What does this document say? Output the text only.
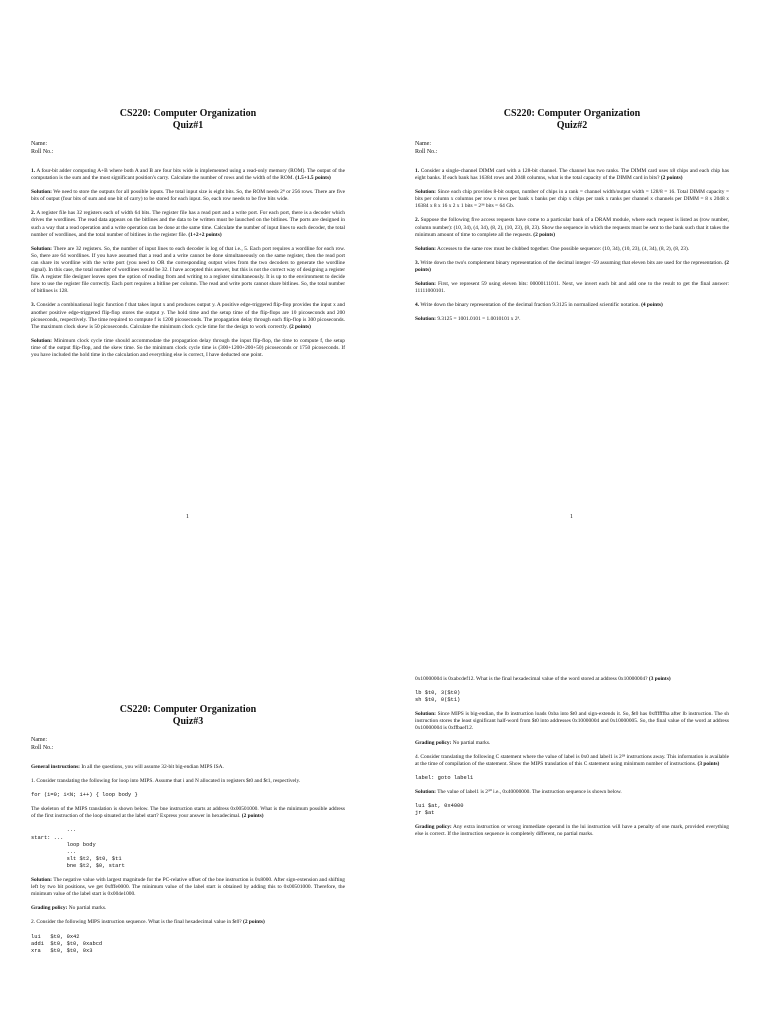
CS220: Computer Organization
Quiz#1
Name:
Roll No.:

1. A four-bit adder computing A+B where both A and B are four bits wide is implemented using a read-only memory (ROM). The output of the computation is the sum and the most significant position's carry. Calculate the number of rows and the width of the ROM. (1.5+1.5 points)

Solution: We need to store the outputs for all possible inputs. The total input size is eight bits. So, the ROM needs 2⁸ or 256 rows. There are five bits of output (four bits of sum and one bit of carry) to be stored for each input. So, each row needs to be five bits wide.

2. A register file has 32 registers each of width 64 bits. The register file has a read port and a write port. For each port, there is a decoder which drives the wordlines. The read data appears on the bitlines and the data to be written must be launched on the bitlines. The ports are designed in such a way that a read operation and a write operation can be done at the same time. Calculate the number of input lines to each decoder, the total number of wordlines, and the total number of bitlines in the register file. (1+2+2 points)

Solution: There are 32 registers. So, the number of input lines to each decoder is log of that i.e., 5. Each port requires a wordline for each row. So, there are 64 wordlines. If you have assumed that a read and a write cannot be done simultaneously on the same register, then the read port can share its wordline with the write port (you need to OR the corresponding output wires from the two decoders to generate the wordline signal). In this case, the total number of wordlines would be 32. I have accepted this answer, but this is not the correct way of designing a register file. A register file designer leaves open the option of reading from and writing to a register simultaneously. It is up to the environment to decide how to use the register file correctly. Each port requires a bitline per column. The read and write ports cannot share bitlines. So, the total number of bitlines is 128.

3. Consider a combinational logic function f that takes input x and produces output y. A positive edge-triggered flip-flop provides the input x and another positive edge-triggered flip-flop stores the output y. The hold time and the setup time of the flip-flops are 10 picoseconds and 200 picoseconds, respectively. The time required to compute f is 1200 picoseconds. The propagation delay through each flip-flop is 300 picoseconds. The maximum clock skew is 50 picoseconds. Calculate the minimum clock cycle time for the design to work correctly. (2 points)

Solution: Minimum clock cycle time should accommodate the propagation delay through the input flip-flop, the time to compute f, the setup time of the output flip-flop, and the skew time. So the minimum clock cycle time is (300+1200+200+50) picoseconds or 1750 picoseconds. If you have included the hold time in the calculation and everything else is correct, I have deducted one point.

1
CS220: Computer Organization
Quiz#2
Name:
Roll No.:

1. Consider a single-channel DIMM card with a 128-bit channel. The channel has two ranks. The DIMM card uses x8 chips and each chip has eight banks. If each bank has 16384 rows and 2048 columns, what is the total capacity of the DIMM card in bits? (2 points)

Solution: Since each chip provides 8-bit output, number of chips in a rank = channel width/output width = 128/8 = 16. Total DIMM capacity = bits per column x columns per row x rows per bank x banks per chip x chips per rank x ranks per channel x channels per DIMM = 8 x 2048 x 16384 x 8 x 16 x 2 x 1 bits = 2³⁶ bits = 64 Gb.

2. Suppose the following five access requests have come to a particular bank of a DRAM module, where each request is listed as (row number, column number): (10, 34), (4, 34), (8, 2), (10, 23), (8, 23). Show the sequence in which the requests must be sent to the bank such that it takes the minimum amount of time to complete all the requests. (2 points)

Solution: Accesses to the same row must be clubbed together. One possible sequence: (10, 34), (10, 23), (4, 34), (8, 2), (8, 23).

3. Write down the two's complement binary representation of the decimal integer -59 assuming that eleven bits are used for the representation. (2 points)

Solution: First, we represent 59 using eleven bits: 00000111011. Next, we invert each bit and add one to the result to get the final answer: 11111000101.

4. Write down the binary representation of the decimal fraction 9.3125 in normalized scientific notation. (4 points)

Solution: 9.3125 = 1001.0101 = 1.0010101 x 2³.

1
CS220: Computer Organization
Quiz#3
Name:
Roll No.:

General instructions: In all the questions, you will assume 32-bit big-endian MIPS ISA.

1. Consider translating the following for loop into MIPS. Assume that i and N allocated in registers $t0 and $t1, respectively.

for (i=0; i<N; i++) { loop body }

The skeleton of the MIPS translation is shown below. The bne instruction starts at address 0x00501000. What is the minimum possible address of the first instruction of the loop situated at the label start? Express your answer in hexadecimal. (2 points)

...
start: ...
loop body
...
slt $t2, $t0, $t1
bne $t2, $0, start

Solution: The negative value with largest magnitude for the PC-relative offset of the bne instruction is 0x8000. After sign-extension and shifting left by two bit positions, we get 0xfffe0000. The minimum value of the label start is obtained by adding this to 0x00501000. Therefore, the minimum value of the label start is 0x004e1000.

Grading policy: No partial marks.

2. Consider the following MIPS instruction sequence. What is the final hexadecimal value in $t0? (2 points)

lui   $t0, 0x42
addi  $t0, $t0, 0xabcd
xra   $t0, $t0, 0x3

0x10000004 is 0xabcdef12. What is the final hexadecimal value of the word stored at address 0x10000004? (3 points)

lb $t0, 3($t0)
sh $t0, 0($t1)

Solution: Since MIPS is big-endian, the lb instruction loads 0xba into $t0 and sign-extends it. So, $t0 has 0xffffffba after lb instruction. The sh instruction stores the least significant half-word from $t0 into addresses 0x10000004 and 0x10000005. So, the final value of the word at address 0x10000004 is 0xffbaef12.

Grading policy: No partial marks.

4. Consider translating the following C statement where the value of label is 0x0 and label1 is 2²⁸ instructions away. This information is available at the time of compilation of the statement. Show the MIPS translation of this C statement using minimum number of instructions. (3 points)

label: goto label1

Solution: The value of label1 is 2³⁰ i.e., 0x40000000. The instruction sequence is shown below.

lui $at, 0x4000
jr $at

Grading policy: Any extra instruction or wrong immediate operand in the lui instruction will have a penalty of one mark, provided everything else is correct. If the instruction sequence is completely different, no partial marks.
